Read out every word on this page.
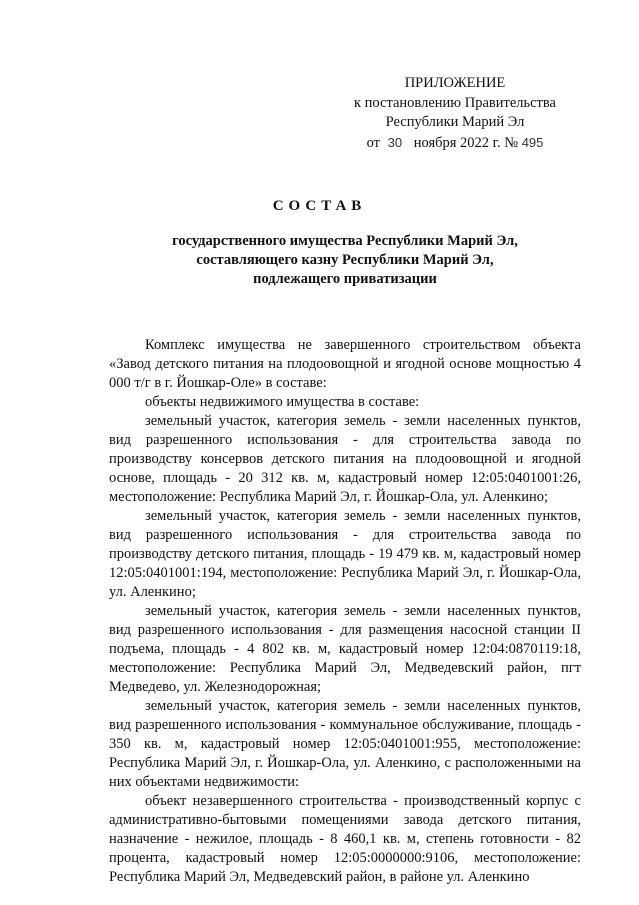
ПРИЛОЖЕНИЕ
к постановлению Правительства
Республики Марий Эл
от 30 ноября 2022 г. № 495
СОСТАВ
государственного имущества Республики Марий Эл,
составляющего казну Республики Марий Эл,
подлежащего приватизации

Комплекс имущества не завершенного строительством объекта «Завод детского питания на плодоовощной и ягодной основе мощностью 4 000 т/г в г. Йошкар-Оле» в составе:

объекты недвижимого имущества в составе:

земельный участок, категория земель - земли населенных пунктов, вид разрешенного использования - для строительства завода по производству консервов детского питания на плодоовощной и ягодной основе, площадь - 20 312 кв. м, кадастровый номер 12:05:0401001:26, местоположение: Республика Марий Эл, г. Йошкар-Ола, ул. Аленкино;

земельный участок, категория земель - земли населенных пунктов, вид разрешенного использования - для строительства завода по производству детского питания, площадь - 19 479 кв. м, кадастровый номер 12:05:0401001:194, местоположение: Республика Марий Эл, г. Йошкар-Ола, ул. Аленкино;

земельный участок, категория земель - земли населенных пунктов, вид разрешенного использования - для размещения насосной станции II подъема, площадь - 4 802 кв. м, кадастровый номер 12:04:0870119:18, местоположение: Республика Марий Эл, Медведевский район, пгт Медведево, ул. Железнодорожная;

земельный участок, категория земель - земли населенных пунктов, вид разрешенного использования - коммунальное обслуживание, площадь - 350 кв. м, кадастровый номер 12:05:0401001:955, местоположение: Республика Марий Эл, г. Йошкар-Ола, ул. Аленкино, с расположенными на них объектами недвижимости:

объект незавершенного строительства - производственный корпус с административно-бытовыми помещениями завода детского питания, назначение - нежилое, площадь - 8 460,1 кв. м, степень готовности - 82 процента, кадастровый номер 12:05:0000000:9106, местоположение: Республика Марий Эл, Медведевский район, в районе ул. Аленкино
